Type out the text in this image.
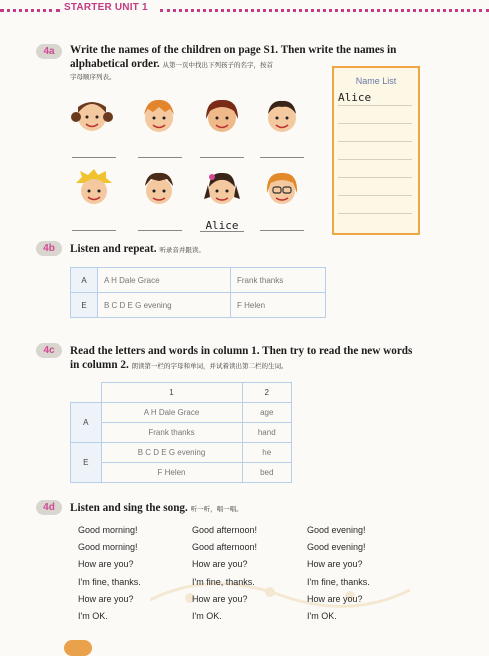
STARTER UNIT 1
4a Write the names of the children on page S1. Then write the names in
alphabetical order. 从第一页中找出下列孩子的名字，按首
字母顺序列表。
Alice
Name List
Alice
4b Listen and repeat. 听录音并跟读。
A	A H Dale Grace	Frank thanks
E	B C D E G evening	F Helen
4c Read the letters and words in column 1. Then try to read the new words
in column 2. 朗读第一栏的字母和单词，并试着读出第二栏的生词。
	1	2
A	A H Dale Grace	age
	Frank thanks	hand
E	B C D E G evening	he
	F Helen	bed
4d Listen and sing the song. 听一听，唱一唱。
Good morning!
Good morning!
How are you?
I'm fine, thanks.
How are you?
I'm OK.
Good afternoon!
Good afternoon!
How are you?
I'm fine, thanks.
How are you?
I'm OK.
Good evening!
Good evening!
How are you?
I'm fine, thanks.
How are you?
I'm OK.
